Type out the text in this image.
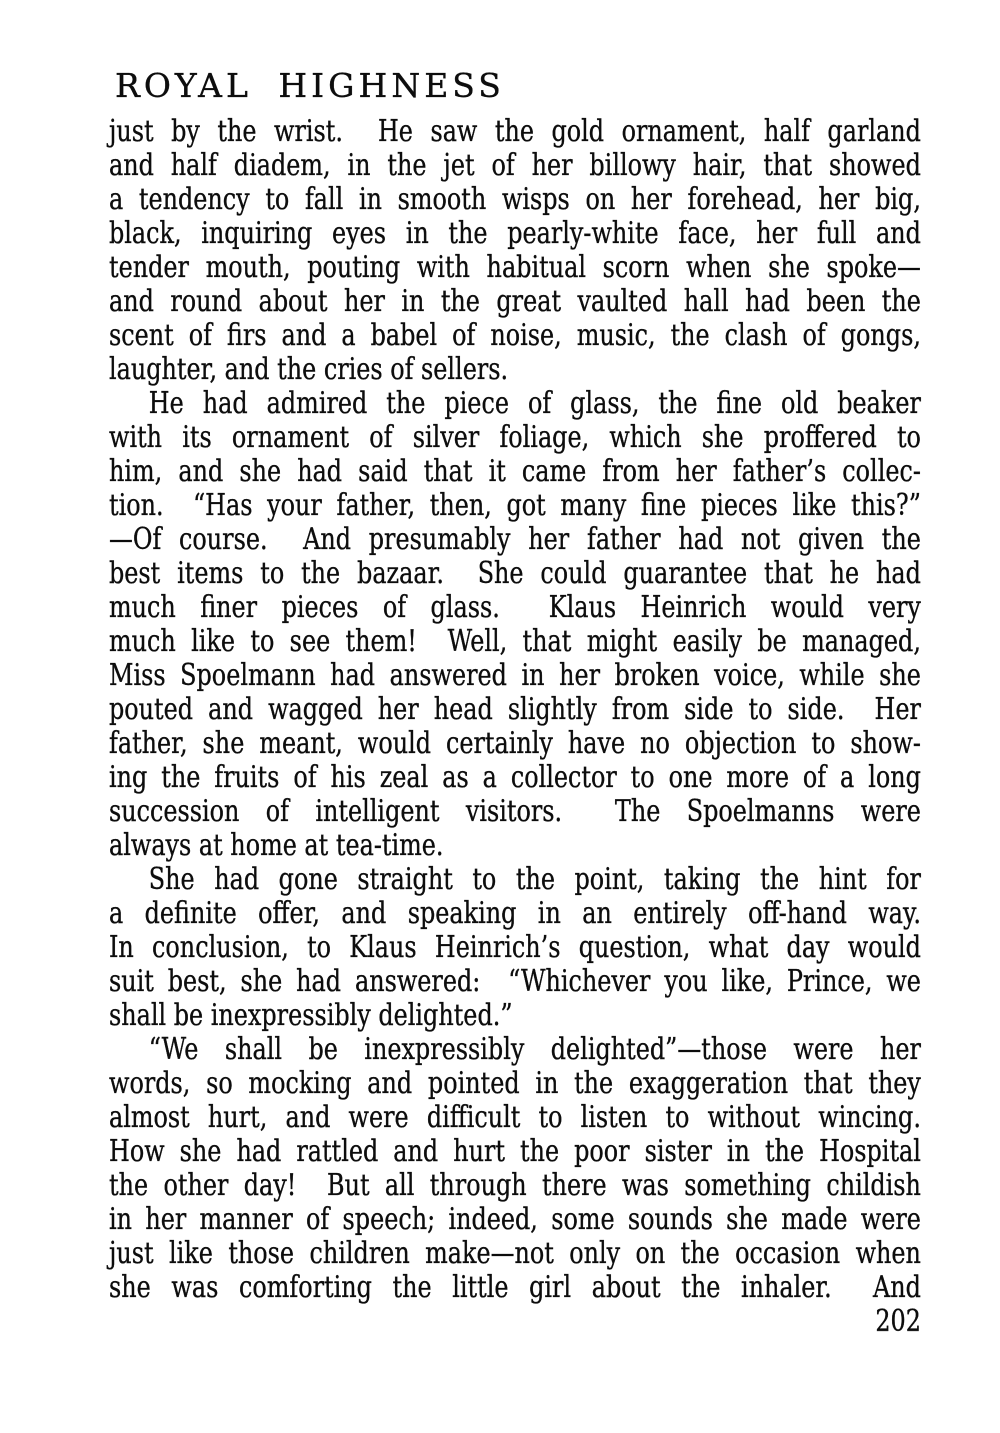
ROYAL HIGHNESS
just by the wrist.  He saw the gold ornament, half garland
and half diadem, in the jet of her billowy hair, that showed
a tendency to fall in smooth wisps on her forehead, her big,
black, inquiring eyes in the pearly-white face, her full and
tender mouth, pouting with habitual scorn when she spoke—
and round about her in the great vaulted hall had been the
scent of firs and a babel of noise, music, the clash of gongs,
laughter, and the cries of sellers.
He had admired the piece of glass, the fine old beaker
with its ornament of silver foliage, which she proffered to
him, and she had said that it came from her father’s collec-
tion.  “Has your father, then, got many fine pieces like this?”
—Of course.  And presumably her father had not given the
best items to the bazaar.  She could guarantee that he had
much finer pieces of glass.  Klaus Heinrich would very
much like to see them!  Well, that might easily be managed,
Miss Spoelmann had answered in her broken voice, while she
pouted and wagged her head slightly from side to side.  Her
father, she meant, would certainly have no objection to show-
ing the fruits of his zeal as a collector to one more of a long
succession of intelligent visitors.  The Spoelmanns were
always at home at tea-time.
She had gone straight to the point, taking the hint for
a definite offer, and speaking in an entirely off-hand way.
In conclusion, to Klaus Heinrich’s question, what day would
suit best, she had answered:  “Whichever you like, Prince, we
shall be inexpressibly delighted.”
“We shall be inexpressibly delighted”—those were her
words, so mocking and pointed in the exaggeration that they
almost hurt, and were difficult to listen to without wincing.
How she had rattled and hurt the poor sister in the Hospital
the other day!  But all through there was something childish
in her manner of speech; indeed, some sounds she made were
just like those children make—not only on the occasion when
she was comforting the little girl about the inhaler.  And
202
